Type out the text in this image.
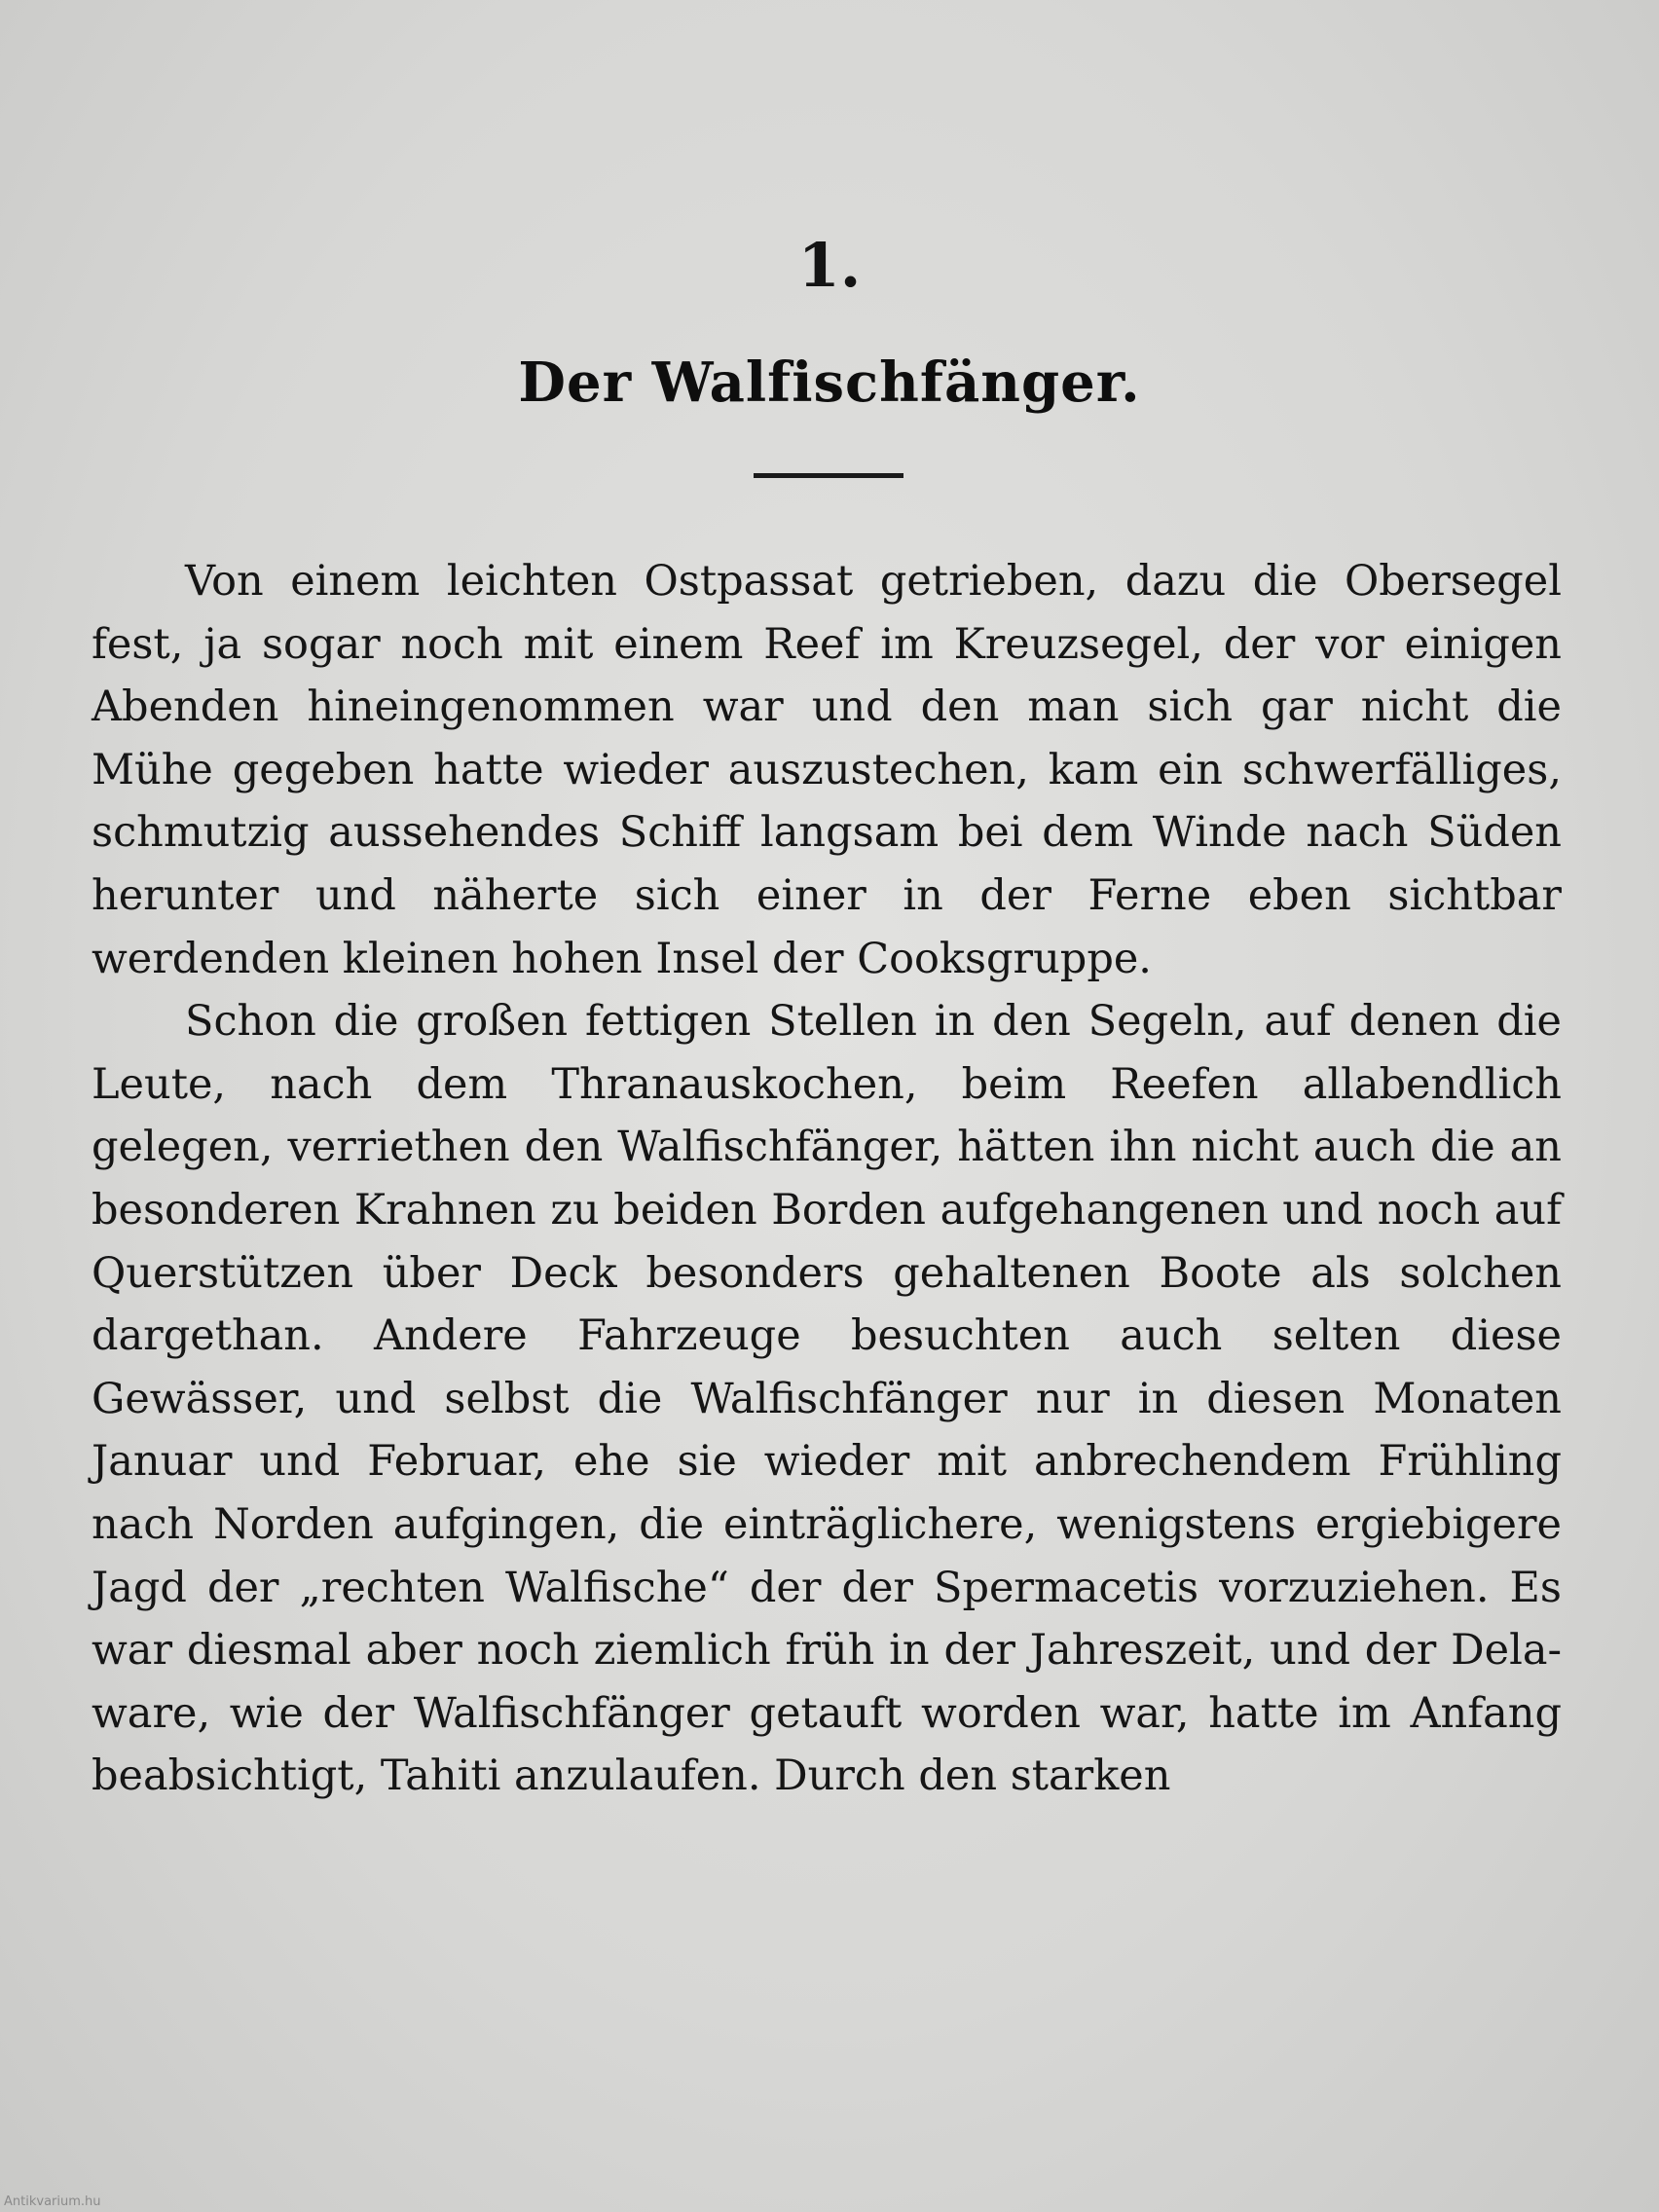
1.
Der Walfischfänger.

Von einem leichten Ostpassat getrieben, dazu die Obersegel fest, ja sogar noch mit einem Reef im Kreuzsegel, der vor einigen Abenden hineingenommen war und den man sich gar nicht die Mühe gegeben hatte wieder auszustechen, kam ein schwerfälliges, schmutzig aussehendes Schiff langsam bei dem Winde nach Süden herunter und näherte sich einer in der Ferne eben sichtbar werdenden kleinen hohen Insel der Cooksgruppe.

Schon die großen fettigen Stellen in den Segeln, auf denen die Leute, nach dem Thranauskochen, beim Reefen allabendlich gelegen, verriethen den Walfischfänger, hätten ihn nicht auch die an besonderen Krahnen zu beiden Borden aufgehangenen und noch auf Querstützen über Deck besonders gehaltenen Boote als solchen dargethan. Andere Fahrzeuge besuchten auch selten diese Gewässer, und selbst die Walfischfänger nur in diesen Monaten Januar und Februar, ehe sie wieder mit anbrechendem Frühling nach Norden aufgingen, die einträglichere, wenigstens ergiebigere Jagd der „rechten Walfische“ der der Spermacetis vorzuziehen. Es war diesmal aber noch ziemlich früh in der Jahreszeit, und der Delaware, wie der Walfischfänger getauft worden war, hatte im Anfang beabsichtigt, Tahiti anzulaufen. Durch den starken

Antikvarium.hu
